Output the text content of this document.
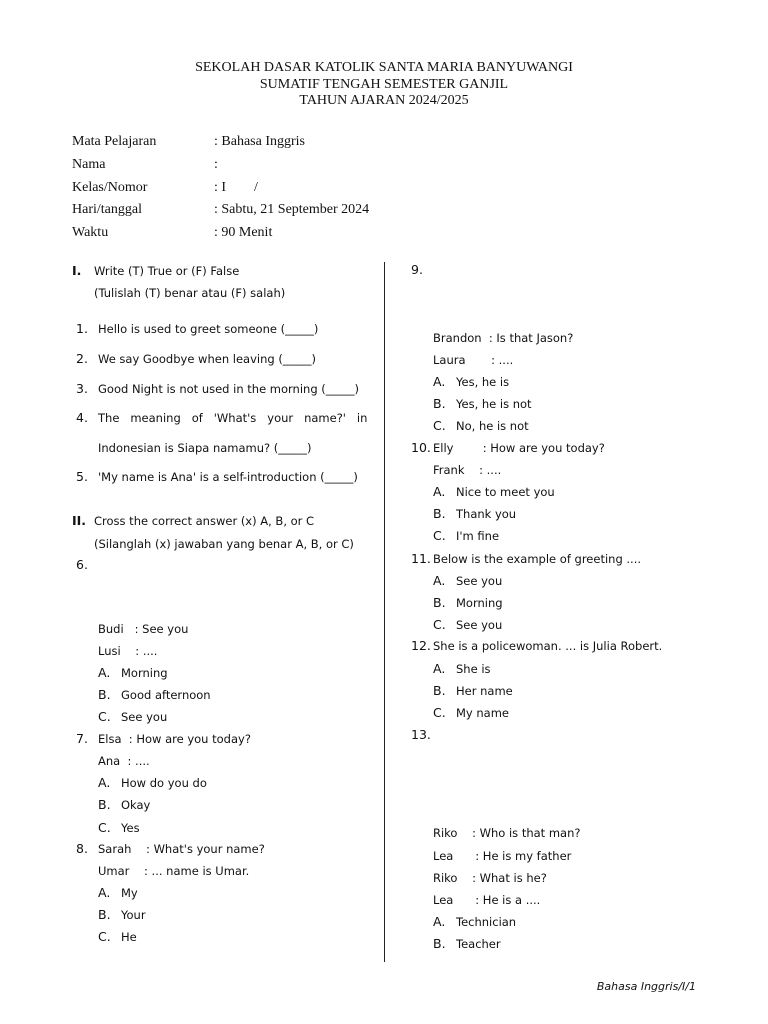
SEKOLAH DASAR KATOLIK SANTA MARIA BANYUWANGI
SUMATIF TENGAH SEMESTER GANJIL
TAHUN AJARAN 2024/2025
Mata Pelajaran	: Bahasa Inggris
Nama	:
Kelas/Nomor	: I        /
Hari/tanggal	: Sabtu, 21 September 2024
Waktu	: 90 Menit
I. Write (T) True or (F) False
(Tulislah (T) benar atau (F) salah)
1. Hello is used to greet someone (_____)
2. We say Goodbye when leaving (_____)
3. Good Night is not used in the morning (_____)
4. The   meaning   of   'What's   your   name?'   in
Indonesian is Siapa namamu? (_____)
5. 'My name is Ana' is a self-introduction (_____)
II. Cross the correct answer (x) A, B, or C
(Silanglah (x) jawaban yang benar A, B, or C)
6.
Budi   : See you
Lusi    : ....
A. Morning
B. Good afternoon
C. See you
7. Elsa  : How are you today?
Ana  : ....
A. How do you do
B. Okay
C. Yes
8. Sarah    : What's your name?
Umar    : ... name is Umar.
A. My
B. Your
C. He
9.
Brandon  : Is that Jason?
Laura       : ....
A. Yes, he is
B. Yes, he is not
C. No, he is not
10. Elly        : How are you today?
Frank    : ....
A. Nice to meet you
B. Thank you
C. I'm fine
11. Below is the example of greeting ....
A. See you
B. Morning
C. See you
12. She is a policewoman. ... is Julia Robert.
A. She is
B. Her name
C. My name
13.
Riko    : Who is that man?
Lea      : He is my father
Riko    : What is he?
Lea      : He is a ....
A. Technician
B. Teacher
Bahasa Inggris/I/1
